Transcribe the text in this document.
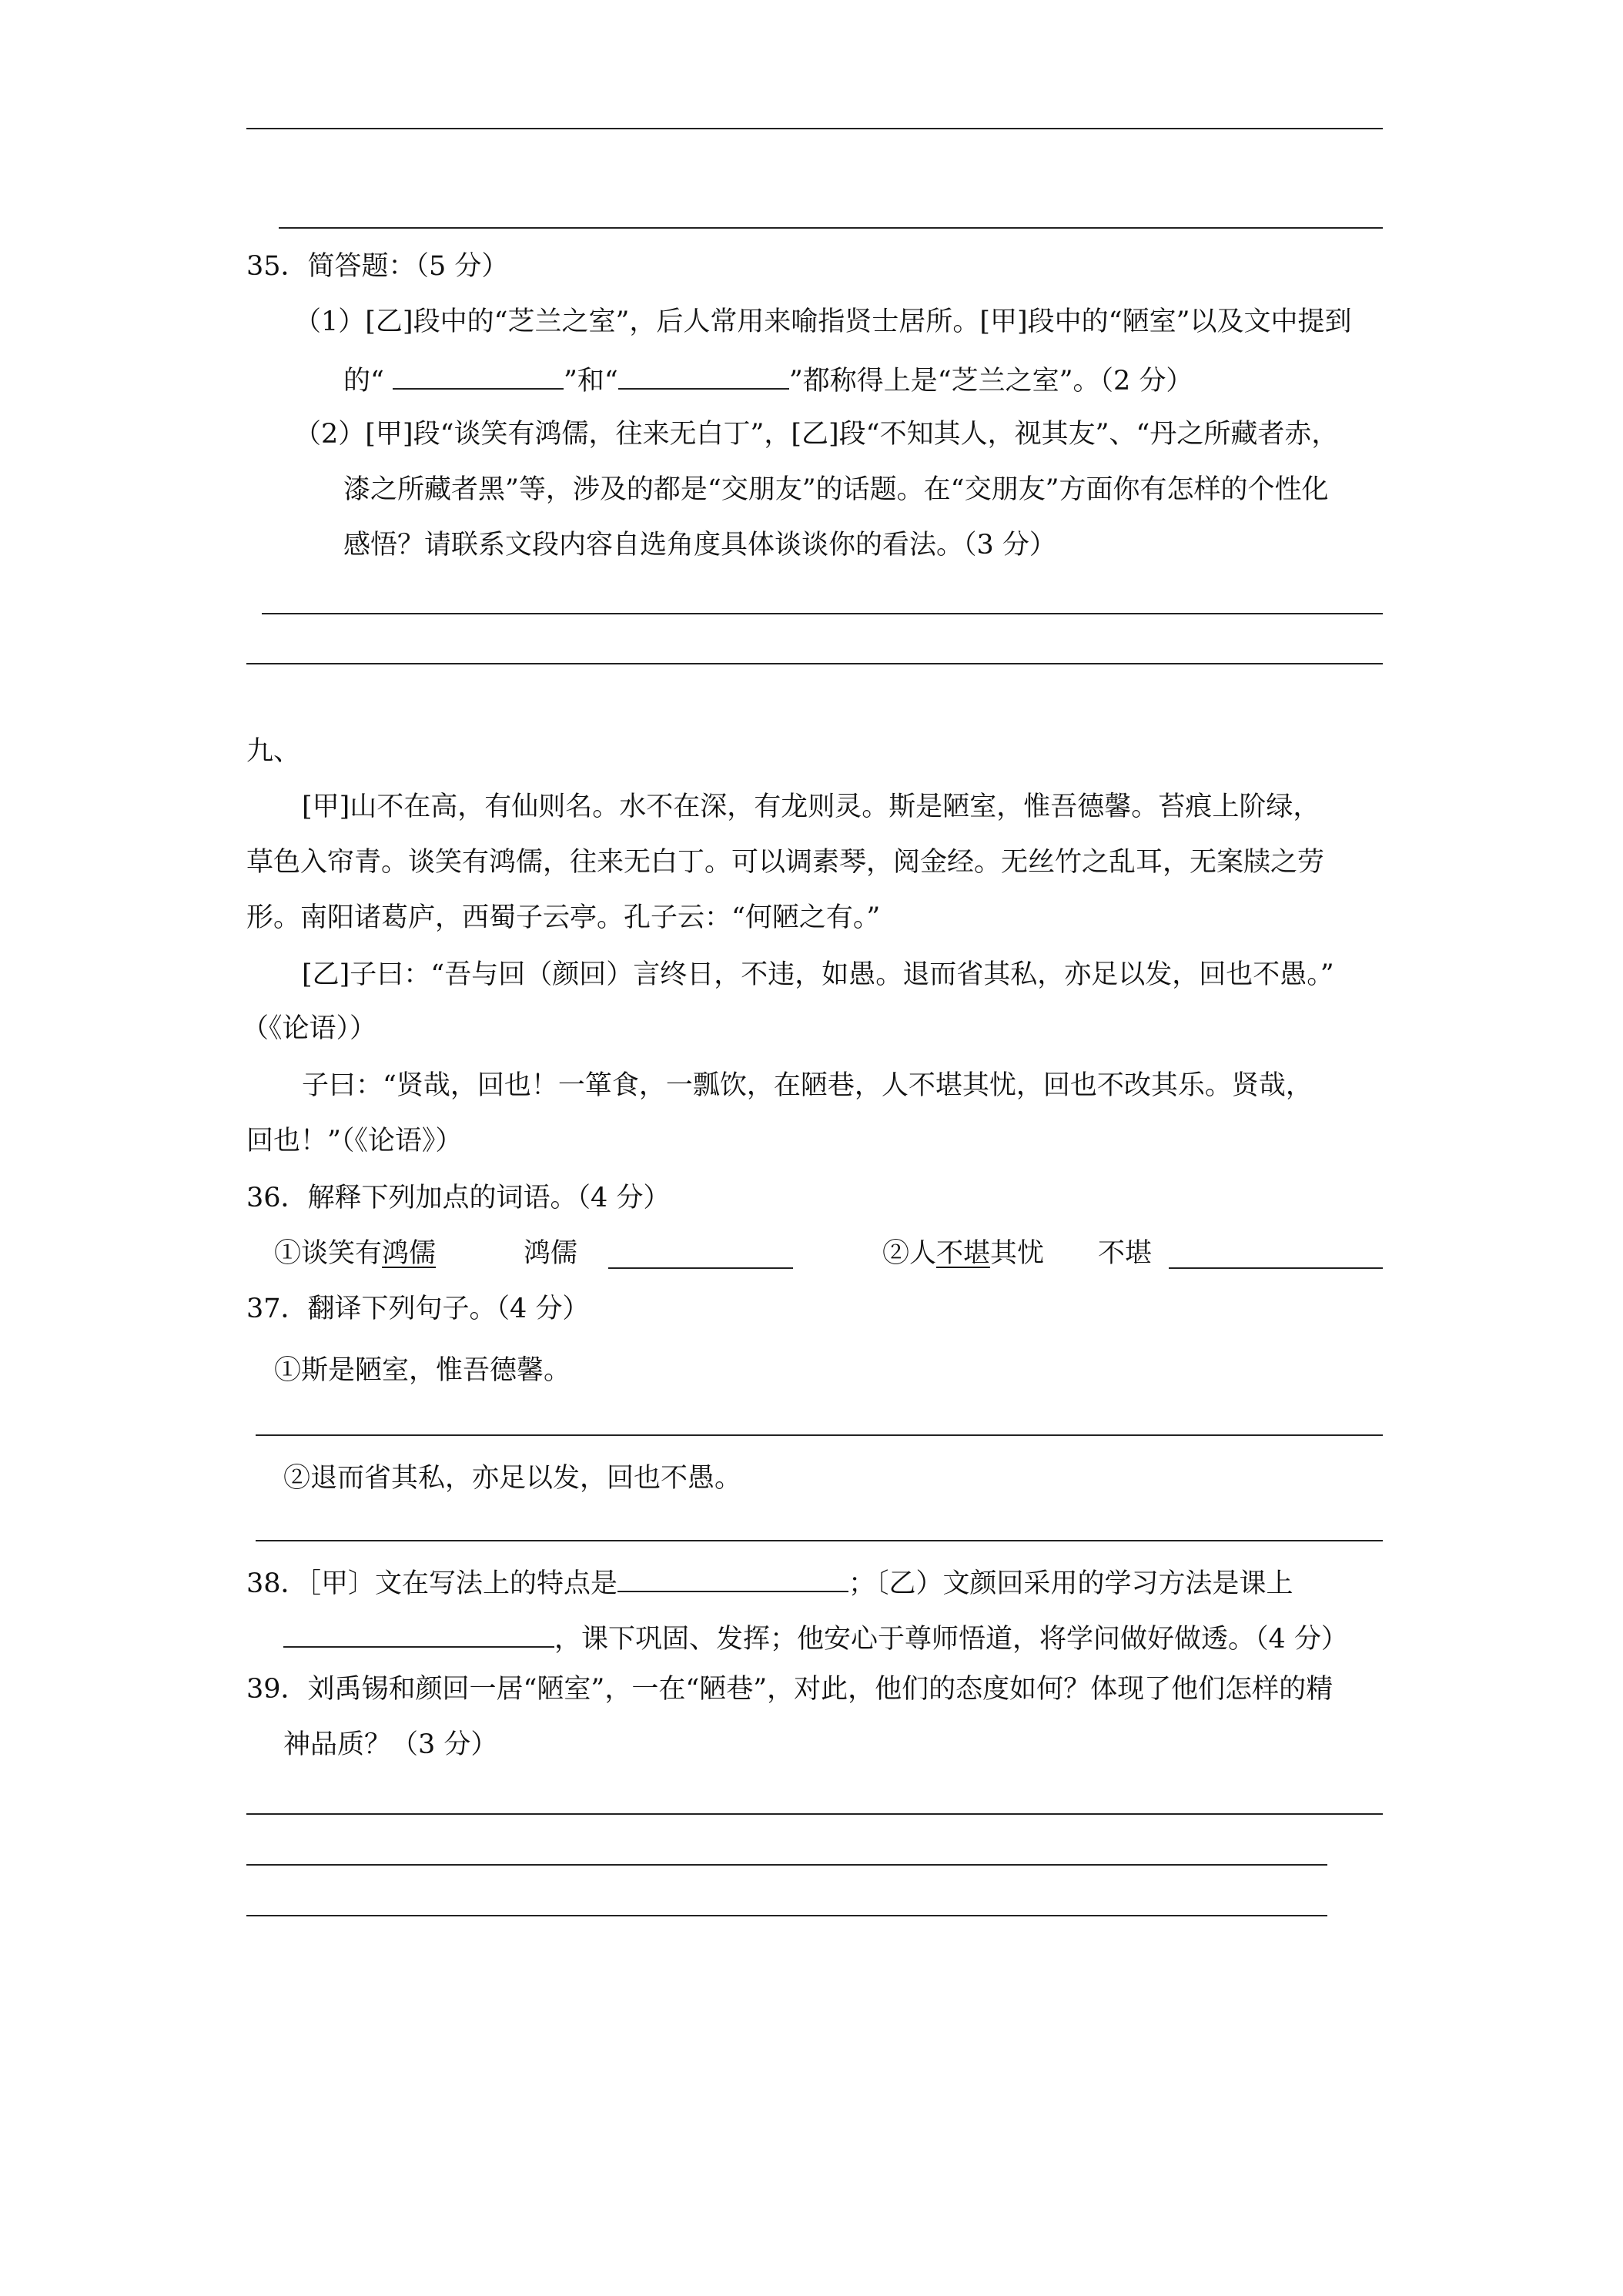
35．简答题：（5 分）
（1）[乙]段中的“芝兰之室”，后人常用来喻指贤士居所。[甲]段中的“陋室”以及文中提到
的“	”和“	”都称得上是“芝兰之室”。（2 分）
（2）[甲]段“谈笑有鸿儒，往来无白丁”，[乙]段“不知其人，视其友”、“丹之所藏者赤，
漆之所藏者黑”等，涉及的都是“交朋友”的话题。在“交朋友”方面你有怎样的个性化
感悟？请联系文段内容自选角度具体谈谈你的看法。（3 分）
九、
[甲]山不在高，有仙则名。水不在深，有龙则灵。斯是陋室，惟吾德馨。苔痕上阶绿，
草色入帘青。谈笑有鸿儒，往来无白丁。可以调素琴，阅金经。无丝竹之乱耳，无案牍之劳
形。南阳诸葛庐，西蜀子云亭。孔子云：“何陋之有。”
[乙]子曰：“吾与回（颜回）言终日，不违，如愚。退而省其私，亦足以发，回也不愚。”
（《论语））
子曰：“贤哉，回也！一箪食，一瓢饮，在陋巷，人不堪其忧，回也不改其乐。贤哉，
回也！”（《论语》）
36．解释下列加点的词语。（4 分）
①谈笑有鸿儒	鸿儒	②人不堪其忧 不堪
37．翻译下列句子。（4 分）
①斯是陋室，惟吾德馨。
②退而省其私，亦足以发，回也不愚。
38．［甲〕文在写法上的特点是	；〔乙）文颜回采用的学习方法是课上
，课下巩固、发挥；他安心于尊师悟道，将学问做好做透。（4 分）
39．刘禹锡和颜回一居“陋室”，一在“陋巷”，对此，他们的态度如何？体现了他们怎样的精
神品质？（3 分）
